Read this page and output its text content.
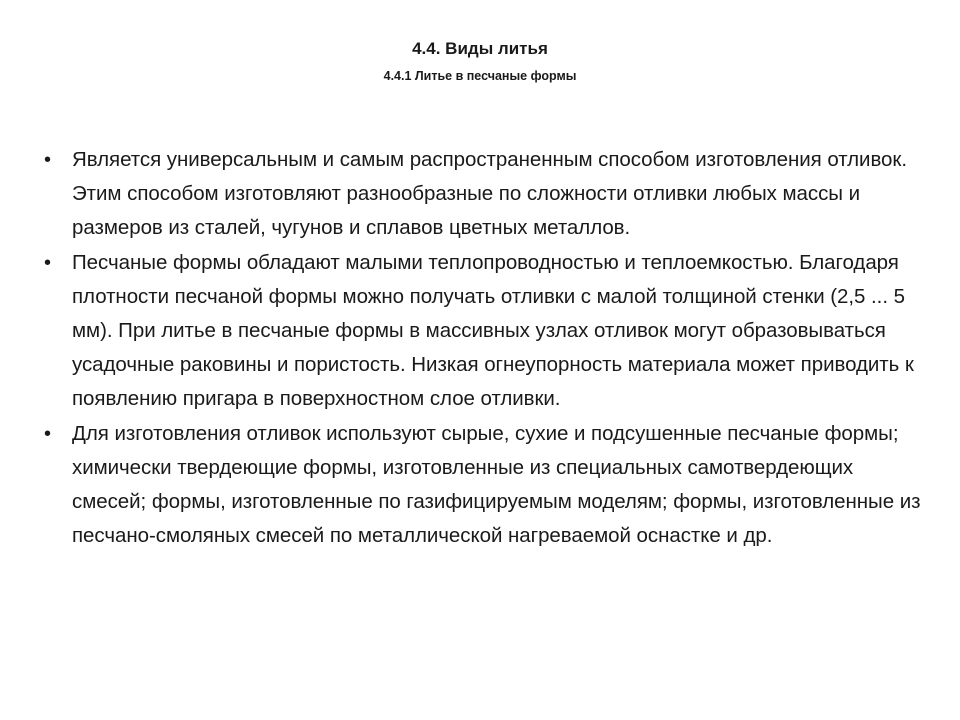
4.4. Виды литья
4.4.1 Литье в песчаные формы
•	Является универсальным и самым распространенным способом изготовления отливок. Этим способом изготовляют разнообразные по сложности отливки любых массы и размеров из сталей, чугунов и сплавов цветных металлов.
•	Песчаные формы обладают малыми теплопроводностью и теплоемкостью. Благодаря плотности песчаной формы можно получать отливки с малой толщиной стенки (2,5 ... 5 мм). При литье в песчаные формы в массивных узлах отливок могут образовываться усадочные раковины и пористость. Низкая огнеупорность материала может приводить к появлению пригара в поверхностном слое отливки.
•	Для изготовления отливок используют сырые, сухие и подсушенные песчаные формы; химически твердеющие формы, изготовленные из специальных самотвердеющих смесей; формы, изготовленные по газифицируемым моделям; формы, изготовленные из песчано-смоляных смесей по металлической нагреваемой оснастке и др.
